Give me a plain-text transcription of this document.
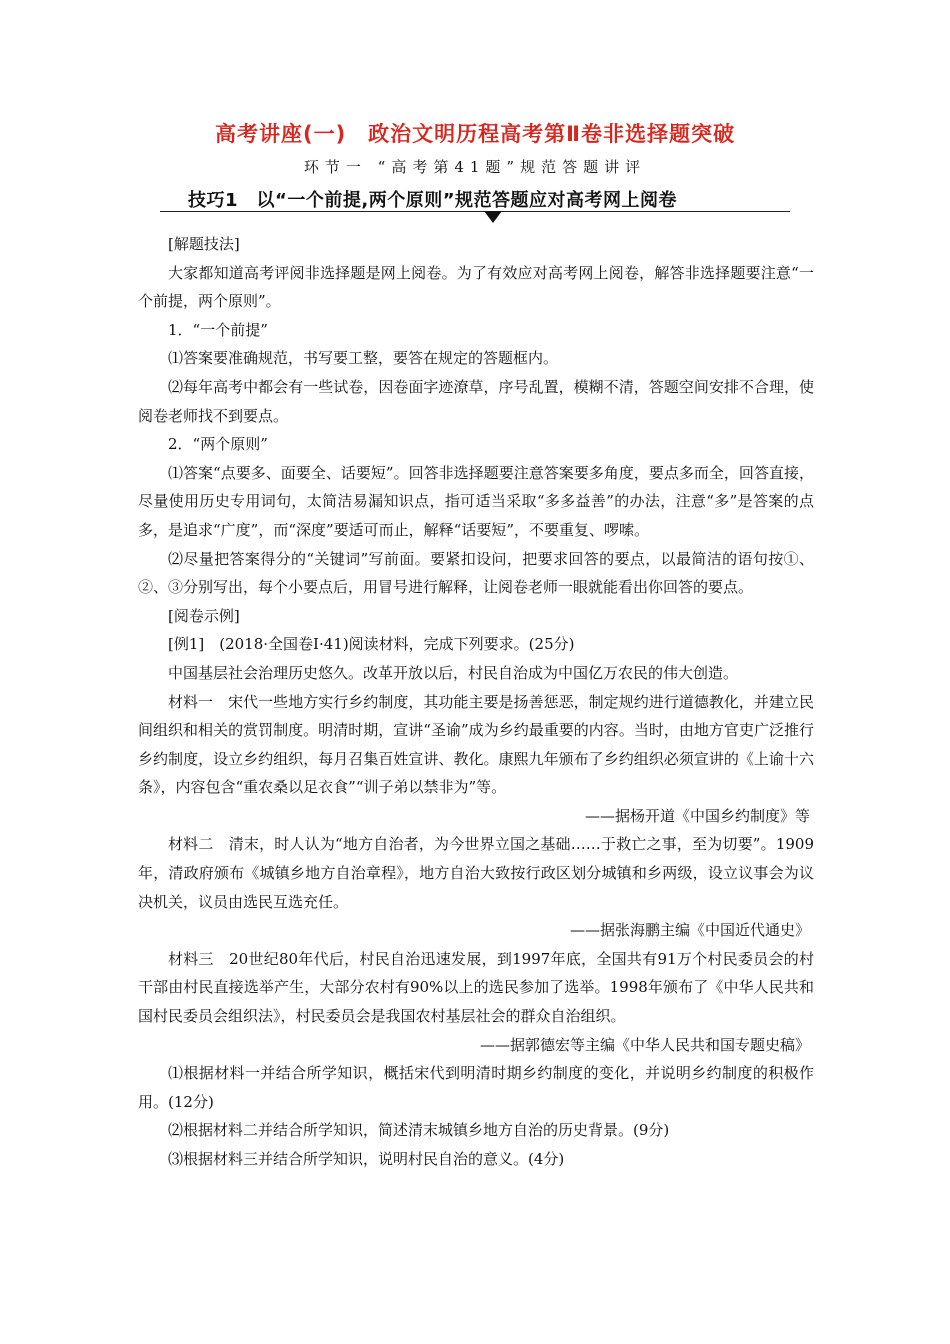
高考讲座(一) 政治文明历程高考第Ⅱ卷非选择题突破
环节一 “高考第41题”规范答题讲评
技巧1　以“一个前提,两个原则”规范答题应对高考网上阅卷

[解题技法]

大家都知道高考评阅非选择题是网上阅卷。为了有效应对高考网上阅卷，解答非选择题要注意“一个前提，两个原则”。

1．“一个前提”

⑴答案要准确规范，书写要工整，要答在规定的答题框内。

⑵每年高考中都会有一些试卷，因卷面字迹潦草，序号乱置，模糊不清，答题空间安排不合理，使阅卷老师找不到要点。

2．“两个原则”

⑴答案“点要多、面要全、话要短”。回答非选择题要注意答案要多角度，要点多而全，回答直接，尽量使用历史专用词句，太简洁易漏知识点，指可适当采取“多多益善”的办法，注意“多”是答案的点多，是追求“广度”，而“深度”要适可而止，解释“话要短”，不要重复、啰嗦。

⑵尽量把答案得分的“关键词”写前面。要紧扣设问，把要求回答的要点，以最简洁的语句按①、②、③分别写出，每个小要点后，用冒号进行解释，让阅卷老师一眼就能看出你回答的要点。

[阅卷示例]

[例1]　(2018·全国卷Ⅰ·41)阅读材料，完成下列要求。(25分)

中国基层社会治理历史悠久。改革开放以后，村民自治成为中国亿万农民的伟大创造。

材料一　宋代一些地方实行乡约制度，其功能主要是扬善惩恶，制定规约进行道德教化，并建立民间组织和相关的赏罚制度。明清时期，宣讲“圣谕”成为乡约最重要的内容。当时，由地方官吏广泛推行乡约制度，设立乡约组织，每月召集百姓宣讲、教化。康熙九年颁布了乡约组织必须宣讲的《上谕十六条》，内容包含“重农桑以足衣食”“训子弟以禁非为”等。

——据杨开道《中国乡约制度》等

材料二　清末，时人认为“地方自治者，为今世界立国之基础……于救亡之事，至为切要”。1909年，清政府颁布《城镇乡地方自治章程》，地方自治大致按行政区划分城镇和乡两级，设立议事会为议决机关，议员由选民互选充任。

——据张海鹏主编《中国近代通史》

材料三　20世纪80年代后，村民自治迅速发展，到1997年底，全国共有91万个村民委员会的村干部由村民直接选举产生，大部分农村有90%以上的选民参加了选举。1998年颁布了《中华人民共和国村民委员会组织法》，村民委员会是我国农村基层社会的群众自治组织。

——据郭德宏等主编《中华人民共和国专题史稿》

⑴根据材料一并结合所学知识，概括宋代到明清时期乡约制度的变化，并说明乡约制度的积极作用。(12分)

⑵根据材料二并结合所学知识，简述清末城镇乡地方自治的历史背景。(9分)

⑶根据材料三并结合所学知识，说明村民自治的意义。(4分)
